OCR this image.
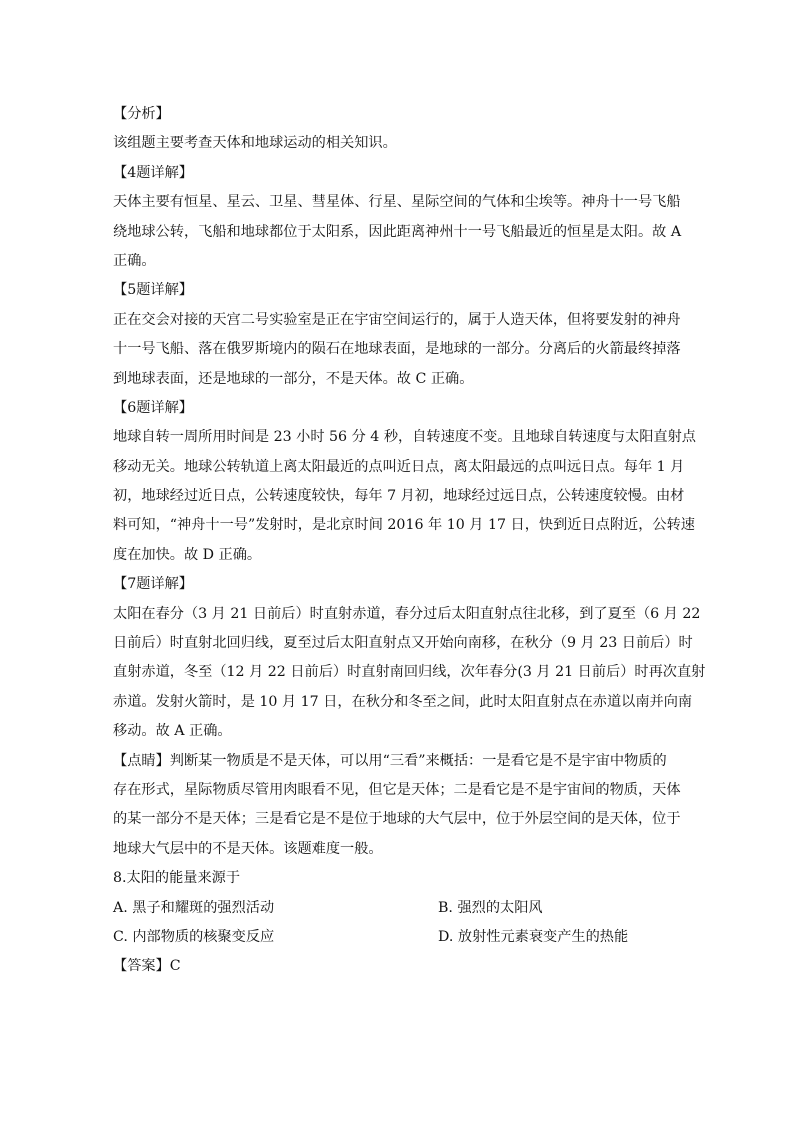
【分析】

该组题主要考查天体和地球运动的相关知识。

【4题详解】

天体主要有恒星、星云、卫星、彗星体、行星、星际空间的气体和尘埃等。神舟十一号飞船

绕地球公转，飞船和地球都位于太阳系，因此距离神州十一号飞船最近的恒星是太阳。故 A

正确。

【5题详解】

正在交会对接的天宫二号实验室是正在宇宙空间运行的，属于人造天体，但将要发射的神舟

十一号飞船、落在俄罗斯境内的陨石在地球表面，是地球的一部分。分离后的火箭最终掉落

到地球表面，还是地球的一部分，不是天体。故 C 正确。

【6题详解】

地球自转一周所用时间是 23 小时 56 分 4 秒，自转速度不变。且地球自转速度与太阳直射点

移动无关。地球公转轨道上离太阳最近的点叫近日点，离太阳最远的点叫远日点。每年 1 月

初，地球经过近日点，公转速度较快，每年 7 月初，地球经过远日点，公转速度较慢。由材

料可知，“神舟十一号”发射时，是北京时间 2016 年 10 月 17 日，快到近日点附近，公转速

度在加快。故 D 正确。

【7题详解】

太阳在春分（3 月 21 日前后）时直射赤道，春分过后太阳直射点往北移，到了夏至（6 月 22

日前后）时直射北回归线，夏至过后太阳直射点又开始向南移，在秋分（9 月 23 日前后）时

直射赤道，冬至（12 月 22 日前后）时直射南回归线，次年春分(3 月 21 日前后）时再次直射

赤道。发射火箭时，是 10 月 17 日，在秋分和冬至之间，此时太阳直射点在赤道以南并向南

移动。故 A 正确。

【点睛】判断某一物质是不是天体，可以用“三看”来概括：一是看它是不是宇宙中物质的

存在形式，星际物质尽管用肉眼看不见，但它是天体；二是看它是不是宇宙间的物质，天体

的某一部分不是天体；三是看它是不是位于地球的大气层中，位于外层空间的是天体，位于

地球大气层中的不是天体。该题难度一般。

8.太阳的能量来源于

A. 黑子和耀斑的强烈活动	B. 强烈的太阳风
C. 内部物质的核聚变反应	D. 放射性元素衰变产生的热能

【答案】C
